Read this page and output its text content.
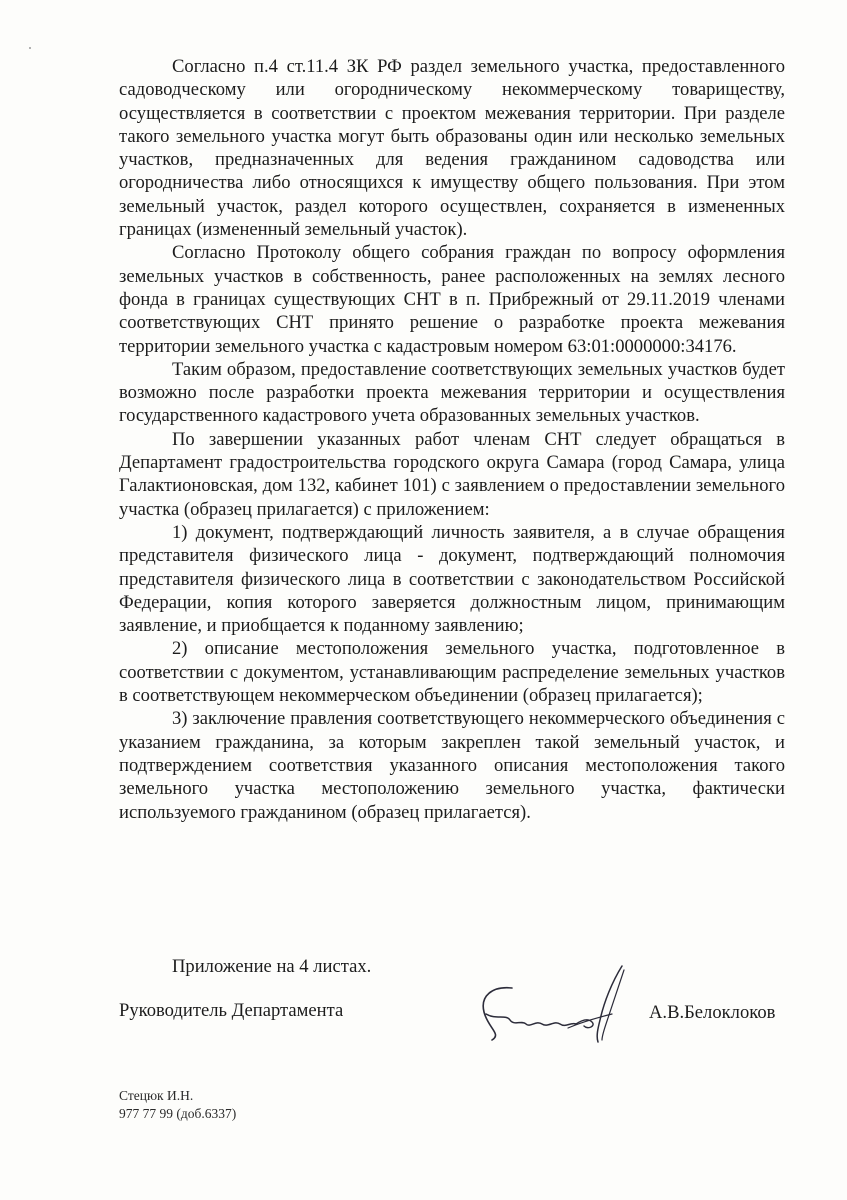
Согласно п.4 ст.11.4 ЗК РФ раздел земельного участка, предоставленного садоводческому или огородническому некоммерческому товариществу, осуществляется в соответствии с проектом межевания территории. При разделе такого земельного участка могут быть образованы один или несколько земельных участков, предназначенных для ведения гражданином садоводства или огородничества либо относящихся к имуществу общего пользования. При этом земельный участок, раздел которого осуществлен, сохраняется в измененных границах (измененный земельный участок).

Согласно Протоколу общего собрания граждан по вопросу оформления земельных участков в собственность, ранее расположенных на землях лесного фонда в границах существующих СНТ в п. Прибрежный от 29.11.2019 членами соответствующих СНТ принято решение о разработке проекта межевания территории земельного участка с кадастровым номером 63:01:0000000:34176.

Таким образом, предоставление соответствующих земельных участков будет возможно после разработки проекта межевания территории и осуществления государственного кадастрового учета образованных земельных участков.

По завершении указанных работ членам СНТ следует обращаться в Департамент градостроительства городского округа Самара (город Самара, улица Галактионовская, дом 132, кабинет 101) с заявлением о предоставлении земельного участка (образец прилагается) с приложением:

1) документ, подтверждающий личность заявителя, а в случае обращения представителя физического лица - документ, подтверждающий полномочия представителя физического лица в соответствии с законодательством Российской Федерации, копия которого заверяется должностным лицом, принимающим заявление, и приобщается к поданному заявлению;

2) описание местоположения земельного участка, подготовленное в соответствии с документом, устанавливающим распределение земельных участков в соответствующем некоммерческом объединении (образец прилагается);

3) заключение правления соответствующего некоммерческого объединения с указанием гражданина, за которым закреплен такой земельный участок, и подтверждением соответствия указанного описания местоположения такого земельного участка местоположению земельного участка, фактически используемого гражданином (образец прилагается).

Приложение на 4 листах.
Руководитель Департамента	А.В.Белоклоков
Стецюк И.Н.
977 77 99 (доб.6337)
